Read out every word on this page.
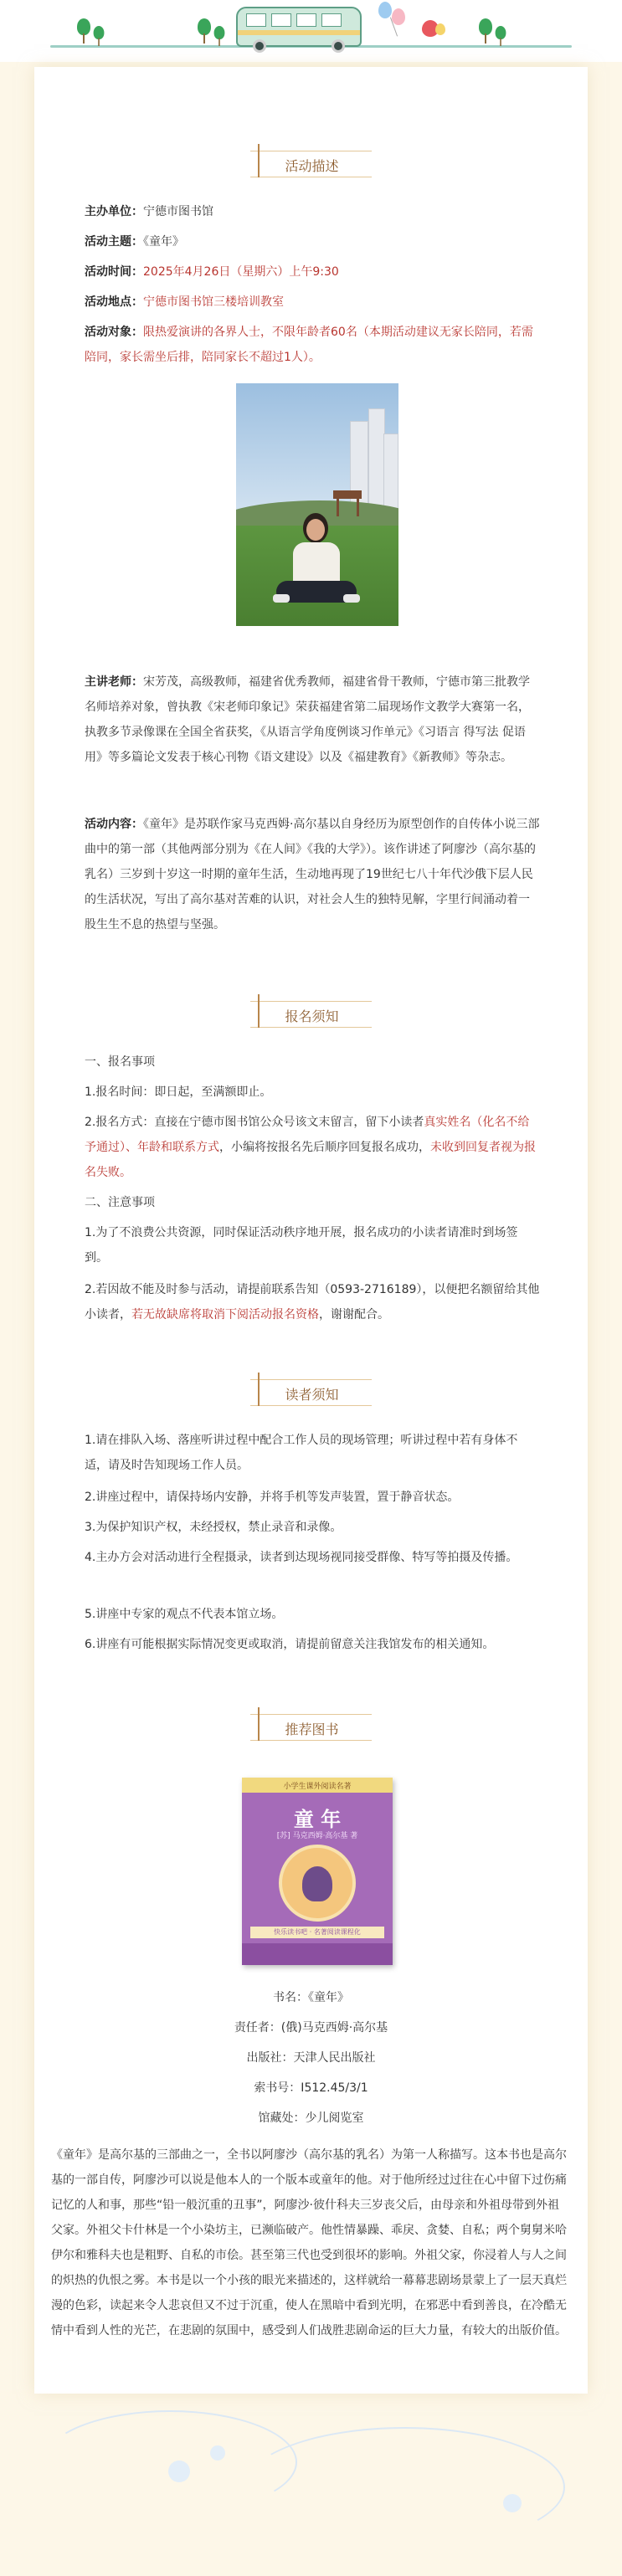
活动描述

主办单位：宁德市图书馆

活动主题：《童年》

活动时间：2025年4月26日（星期六）上午9:30

活动地点：宁德市图书馆三楼培训教室

活动对象：限热爱演讲的各界人士，不限年龄者60名（本期活动建议无家长陪同，若需陪同，家长需坐后排，陪同家长不超过1人）。

主讲老师：宋芳茂，高级教师，福建省优秀教师，福建省骨干教师，宁德市第三批教学名师培养对象，曾执教《宋老师印象记》荣获福建省第二届现场作文教学大赛第一名，执教多节录像课在全国全省获奖，《从语言学角度例谈习作单元》《习语言 得写法 促语用》等多篇论文发表于核心刊物《语文建设》以及《福建教育》《新教师》等杂志。

活动内容：《童年》是苏联作家马克西姆·高尔基以自身经历为原型创作的自传体小说三部曲中的第一部（其他两部分别为《在人间》《我的大学》）。该作讲述了阿廖沙（高尔基的乳名）三岁到十岁这一时期的童年生活，生动地再现了19世纪七八十年代沙俄下层人民的生活状况，写出了高尔基对苦难的认识，对社会人生的独特见解，字里行间涌动着一股生生不息的热望与坚强。

报名须知

一、报名事项

1.报名时间：即日起，至满额即止。

2.报名方式：直接在宁德市图书馆公众号该文末留言，留下小读者真实姓名（化名不给予通过）、年龄和联系方式，小编将按报名先后顺序回复报名成功，未收到回复者视为报名失败。

二、注意事项

1.为了不浪费公共资源，同时保证活动秩序地开展，报名成功的小读者请准时到场签到。

2.若因故不能及时参与活动，请提前联系告知（0593-2716189），以便把名额留给其他小读者，若无故缺席将取消下阅活动报名资格，谢谢配合。

读者须知

1.请在排队入场、落座听讲过程中配合工作人员的现场管理；听讲过程中若有身体不适，请及时告知现场工作人员。

2.讲座过程中，请保持场内安静，并将手机等发声装置，置于静音状态。

3.为保护知识产权，未经授权，禁止录音和录像。

4.主办方会对活动进行全程摄录，读者到达现场视同接受群像、特写等拍摄及传播。

5.讲座中专家的观点不代表本馆立场。

6.讲座有可能根据实际情况变更或取消，请提前留意关注我馆发布的相关通知。

推荐图书
小学生课外阅读名著
童 年
[苏] 马克西姆·高尔基 著
快乐读书吧 · 名著阅读课程化

书名：《童年》

责任者：(俄)马克西姆·高尔基

出版社：天津人民出版社

索书号：I512.45/3/1

馆藏处：少儿阅览室

《童年》是高尔基的三部曲之一，全书以阿廖沙（高尔基的乳名）为第一人称描写。这本书也是高尔基的一部自传，阿廖沙可以说是他本人的一个版本或童年的他。对于他所经过过往在心中留下过伤痛记忆的人和事，那些“铅一般沉重的丑事”，阿廖沙·彼什科夫三岁丧父后，由母亲和外祖母带到外祖父家。外祖父卡什林是一个小染坊主，已濒临破产。他性情暴躁、乖戾、贪婪、自私；两个舅舅米哈伊尔和雅科夫也是粗野、自私的市侩。甚至第三代也受到很坏的影响。外祖父家，你浸着人与人之间的炽热的仇恨之雾。本书是以一个小孩的眼光来描述的，这样就给一幕幕悲剧场景蒙上了一层天真烂漫的色彩，读起来令人悲哀但又不过于沉重，使人在黑暗中看到光明，在邪恶中看到善良，在冷酷无情中看到人性的光芒，在悲剧的氛围中，感受到人们战胜悲剧命运的巨大力量，有较大的出版价值。
